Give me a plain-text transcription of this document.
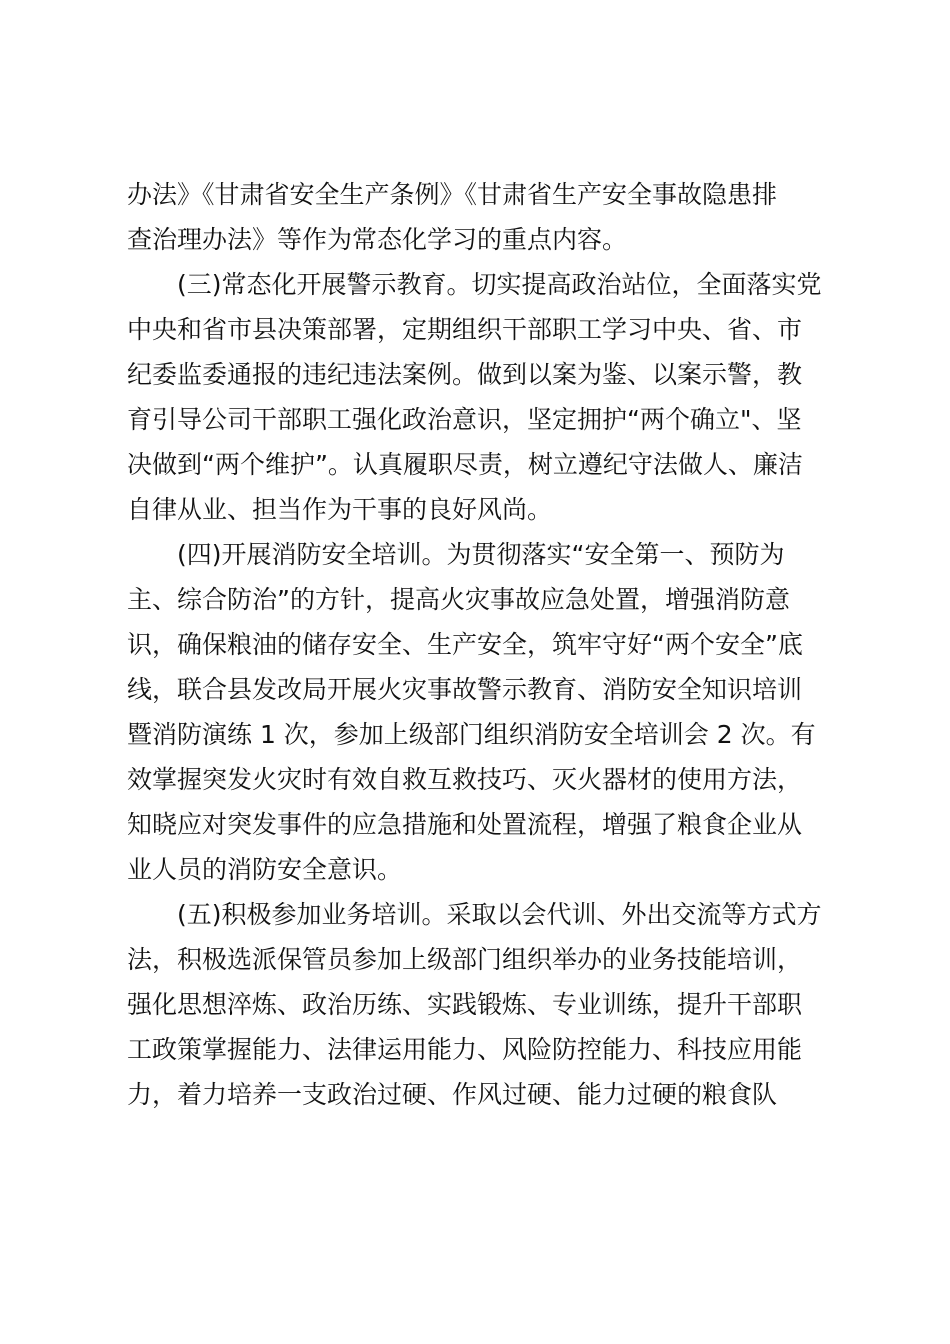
办法》《甘肃省安全生产条例》《甘肃省生产安全事故隐患排
查治理办法》等作为常态化学习的重点内容。
(三)常态化开展警示教育。切实提高政治站位，全面落实党
中央和省市县决策部署，定期组织干部职工学习中央、省、市
纪委监委通报的违纪违法案例。做到以案为鉴、以案示警，教
育引导公司干部职工强化政治意识，坚定拥护“两个确立"、坚
决做到“两个维护”。认真履职尽责，树立遵纪守法做人、廉洁
自律从业、担当作为干事的良好风尚。
(四)开展消防安全培训。为贯彻落实“安全第一、预防为
主、综合防治”的方针，提高火灾事故应急处置，增强消防意
识，确保粮油的储存安全、生产安全，筑牢守好“两个安全”底
线，联合县发改局开展火灾事故警示教育、消防安全知识培训
暨消防演练 1 次，参加上级部门组织消防安全培训会 2 次。有
效掌握突发火灾时有效自救互救技巧、灭火器材的使用方法，
知晓应对突发事件的应急措施和处置流程，增强了粮食企业从
业人员的消防安全意识。
(五)积极参加业务培训。采取以会代训、外出交流等方式方
法，积极选派保管员参加上级部门组织举办的业务技能培训，
强化思想淬炼、政治历练、实践锻炼、专业训练，提升干部职
工政策掌握能力、法律运用能力、风险防控能力、科技应用能
力，着力培养一支政治过硬、作风过硬、能力过硬的粮食队
